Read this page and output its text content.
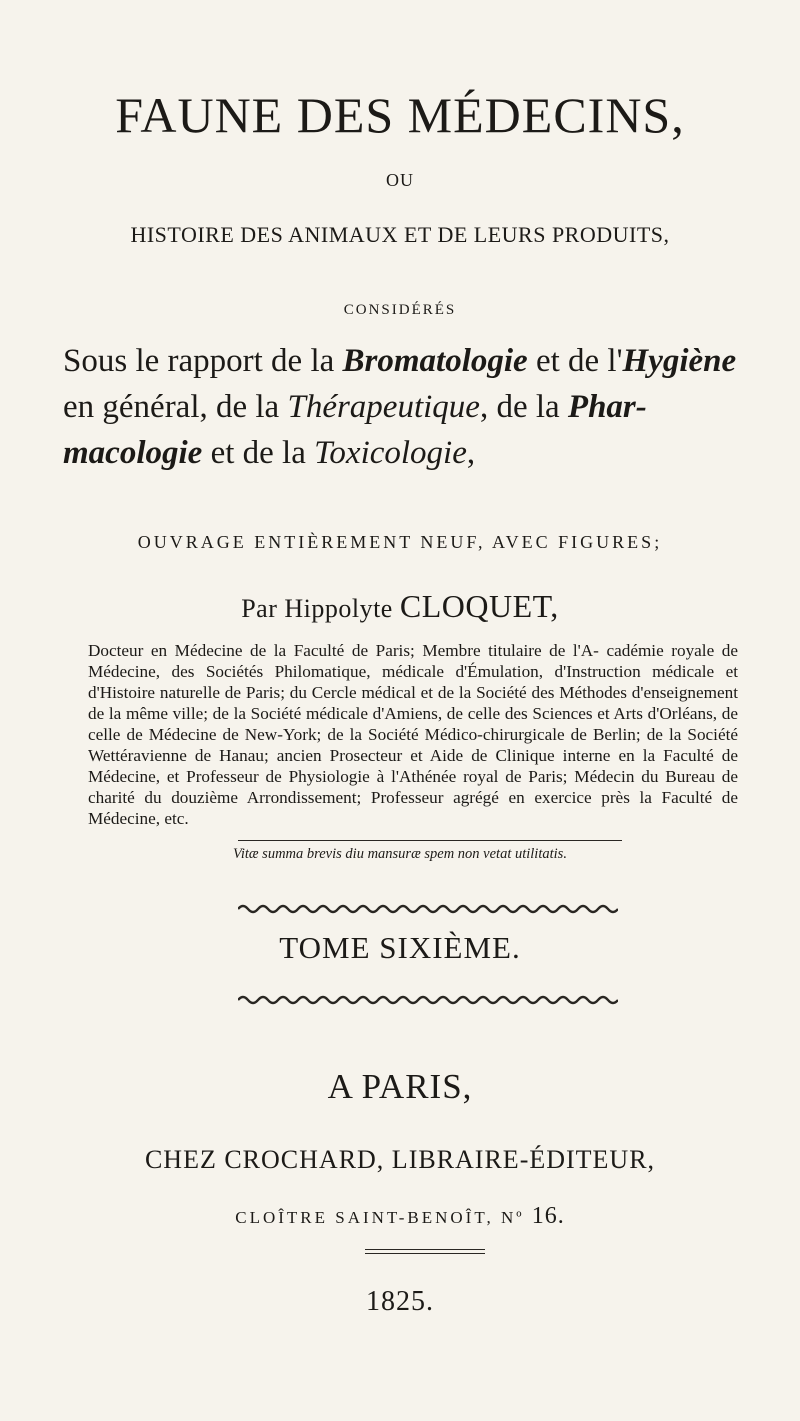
FAUNE DES MÉDECINS,
OU
HISTOIRE DES ANIMAUX ET DE LEURS PRODUITS,
CONSIDÉRÉS
Sous le rapport de la Bromatologie et de l'Hygiène en général, de la Thérapeutique, de la Phar- macologie et de la Toxicologie,
OUVRAGE ENTIÈREMENT NEUF, AVEC FIGURES;
Par Hippolyte CLOQUET,
Docteur en Médecine de la Faculté de Paris; Membre titulaire de l'A- cadémie royale de Médecine, des Sociétés Philomatique, médicale d'Émulation, d'Instruction médicale et d'Histoire naturelle de Paris; du Cercle médical et de la Société des Méthodes d'enseignement de la même ville; de la Société médicale d'Amiens, de celle des Sciences et Arts d'Orléans, de celle de Médecine de New-York; de la Société Médico-chirurgicale de Berlin; de la Société Wettéravienne de Hanau; ancien Prosecteur et Aide de Clinique interne en la Faculté de Médecine, et Professeur de Physiologie à l'Athénée royal de Paris; Médecin du Bureau de charité du douzième Arrondissement; Professeur agrégé en exercice près la Faculté de Médecine, etc.
Vitæ summa brevis diu mansuræ spem non vetat utilitatis.
TOME SIXIÈME.
A PARIS,
CHEZ CROCHARD, LIBRAIRE-ÉDITEUR,
CLOÎTRE SAINT-BENOÎT, Nº 16.
1825.
